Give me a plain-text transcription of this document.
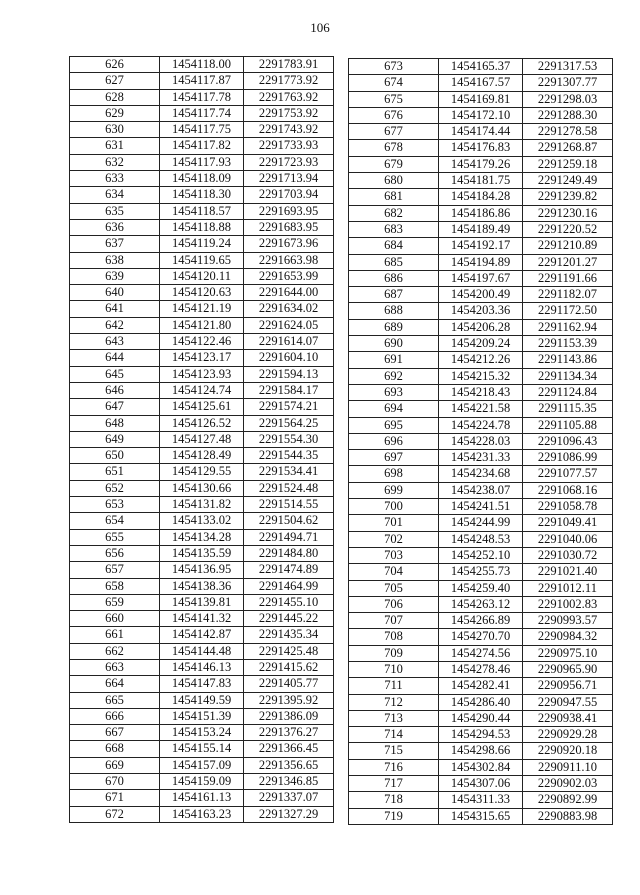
106
626	1454118.00	2291783.91
627	1454117.87	2291773.92
628	1454117.78	2291763.92
629	1454117.74	2291753.92
630	1454117.75	2291743.92
631	1454117.82	2291733.93
632	1454117.93	2291723.93
633	1454118.09	2291713.94
634	1454118.30	2291703.94
635	1454118.57	2291693.95
636	1454118.88	2291683.95
637	1454119.24	2291673.96
638	1454119.65	2291663.98
639	1454120.11	2291653.99
640	1454120.63	2291644.00
641	1454121.19	2291634.02
642	1454121.80	2291624.05
643	1454122.46	2291614.07
644	1454123.17	2291604.10
645	1454123.93	2291594.13
646	1454124.74	2291584.17
647	1454125.61	2291574.21
648	1454126.52	2291564.25
649	1454127.48	2291554.30
650	1454128.49	2291544.35
651	1454129.55	2291534.41
652	1454130.66	2291524.48
653	1454131.82	2291514.55
654	1454133.02	2291504.62
655	1454134.28	2291494.71
656	1454135.59	2291484.80
657	1454136.95	2291474.89
658	1454138.36	2291464.99
659	1454139.81	2291455.10
660	1454141.32	2291445.22
661	1454142.87	2291435.34
662	1454144.48	2291425.48
663	1454146.13	2291415.62
664	1454147.83	2291405.77
665	1454149.59	2291395.92
666	1454151.39	2291386.09
667	1454153.24	2291376.27
668	1454155.14	2291366.45
669	1454157.09	2291356.65
670	1454159.09	2291346.85
671	1454161.13	2291337.07
672	1454163.23	2291327.29
673	1454165.37	2291317.53
674	1454167.57	2291307.77
675	1454169.81	2291298.03
676	1454172.10	2291288.30
677	1454174.44	2291278.58
678	1454176.83	2291268.87
679	1454179.26	2291259.18
680	1454181.75	2291249.49
681	1454184.28	2291239.82
682	1454186.86	2291230.16
683	1454189.49	2291220.52
684	1454192.17	2291210.89
685	1454194.89	2291201.27
686	1454197.67	2291191.66
687	1454200.49	2291182.07
688	1454203.36	2291172.50
689	1454206.28	2291162.94
690	1454209.24	2291153.39
691	1454212.26	2291143.86
692	1454215.32	2291134.34
693	1454218.43	2291124.84
694	1454221.58	2291115.35
695	1454224.78	2291105.88
696	1454228.03	2291096.43
697	1454231.33	2291086.99
698	1454234.68	2291077.57
699	1454238.07	2291068.16
700	1454241.51	2291058.78
701	1454244.99	2291049.41
702	1454248.53	2291040.06
703	1454252.10	2291030.72
704	1454255.73	2291021.40
705	1454259.40	2291012.11
706	1454263.12	2291002.83
707	1454266.89	2290993.57
708	1454270.70	2290984.32
709	1454274.56	2290975.10
710	1454278.46	2290965.90
711	1454282.41	2290956.71
712	1454286.40	2290947.55
713	1454290.44	2290938.41
714	1454294.53	2290929.28
715	1454298.66	2290920.18
716	1454302.84	2290911.10
717	1454307.06	2290902.03
718	1454311.33	2290892.99
719	1454315.65	2290883.98
